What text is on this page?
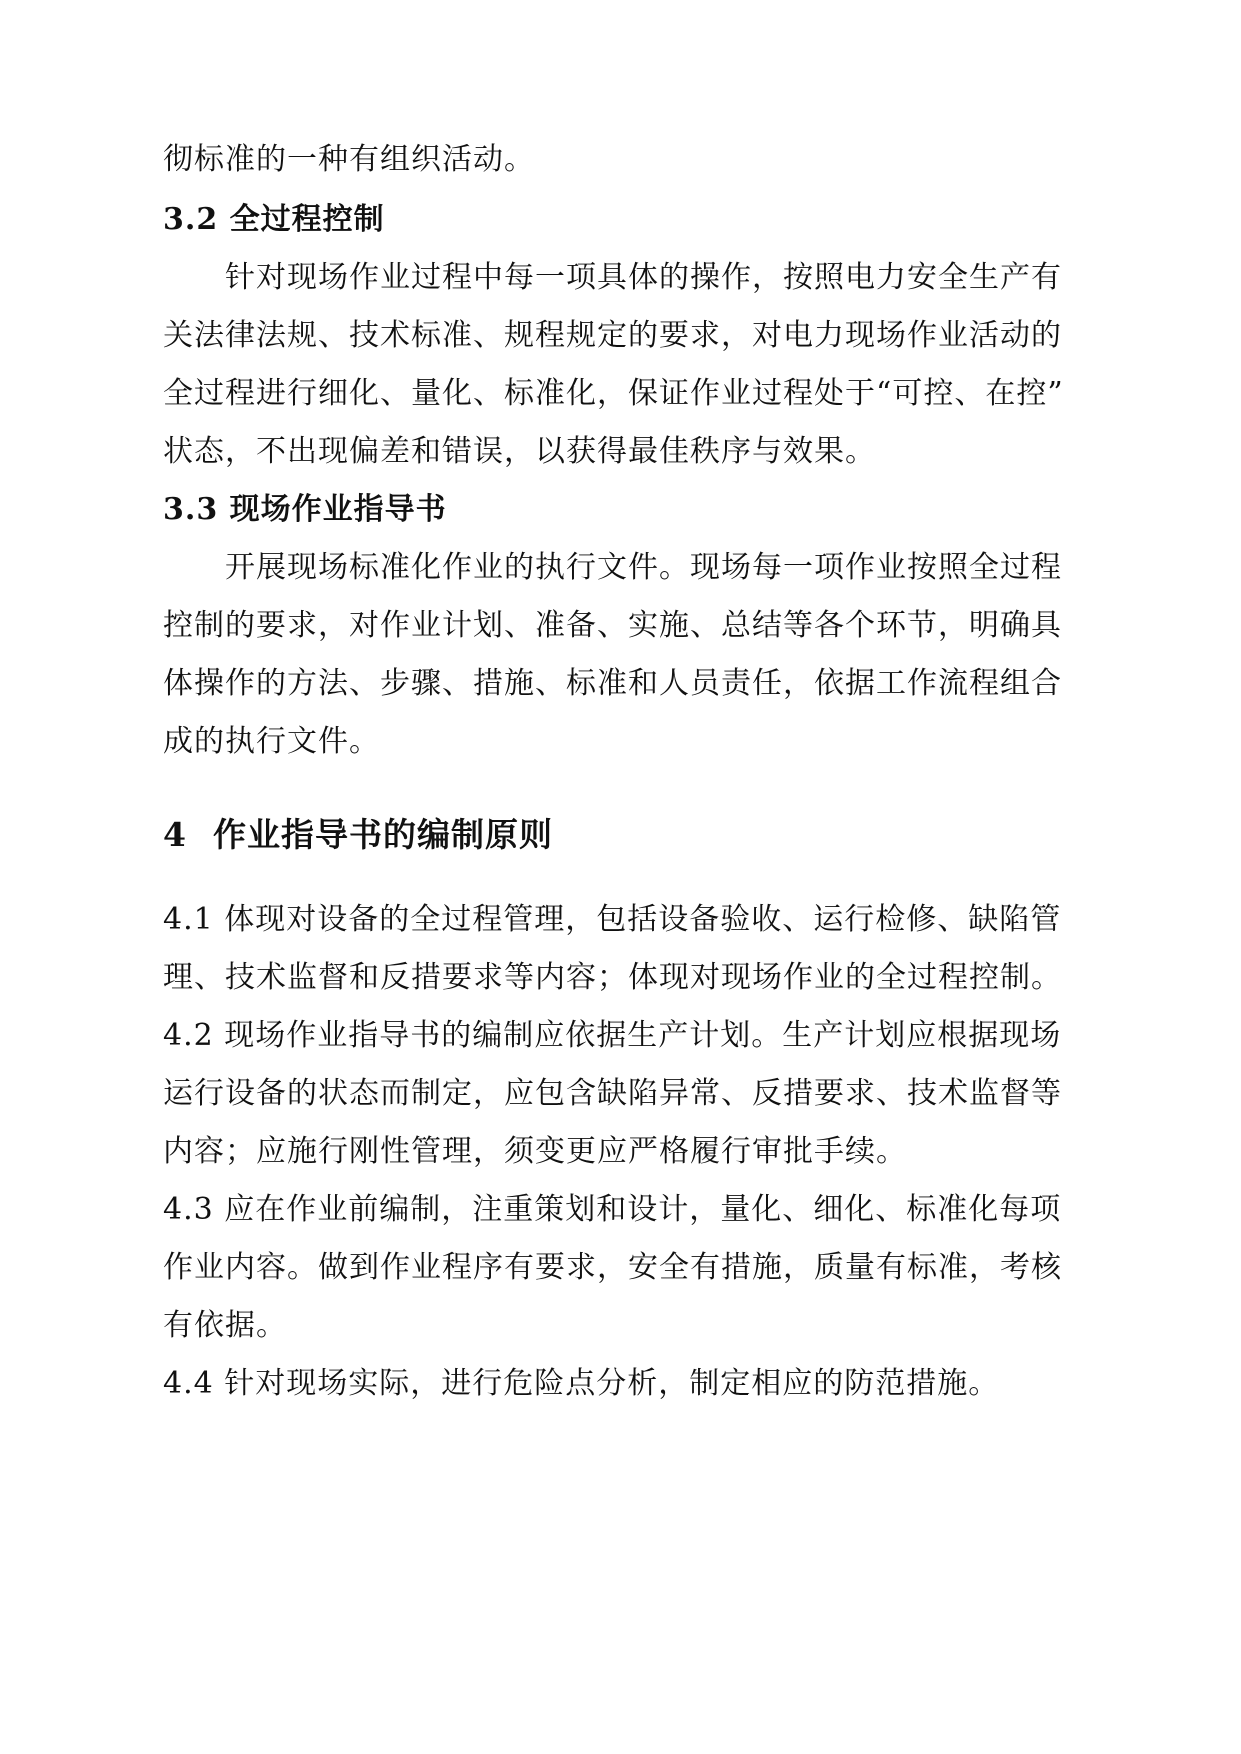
彻标准的一种有组织活动。
3.2 全过程控制
　　针对现场作业过程中每一项具体的操作，按照电力安全生产有
关法律法规、技术标准、规程规定的要求，对电力现场作业活动的
全过程进行细化、量化、标准化，保证作业过程处于“可控、在控”
状态，不出现偏差和错误，以获得最佳秩序与效果。
3.3 现场作业指导书
　　开展现场标准化作业的执行文件。现场每一项作业按照全过程
控制的要求，对作业计划、准备、实施、总结等各个环节，明确具
体操作的方法、步骤、措施、标准和人员责任，依据工作流程组合
成的执行文件。
4 作业指导书的编制原则
4.1 体现对设备的全过程管理，包括设备验收、运行检修、缺陷管
理、技术监督和反措要求等内容；体现对现场作业的全过程控制。
4.2 现场作业指导书的编制应依据生产计划。生产计划应根据现场
运行设备的状态而制定，应包含缺陷异常、反措要求、技术监督等
内容；应施行刚性管理，须变更应严格履行审批手续。
4.3 应在作业前编制，注重策划和设计，量化、细化、标准化每项
作业内容。做到作业程序有要求，安全有措施，质量有标准，考核
有依据。
4.4 针对现场实际，进行危险点分析，制定相应的防范措施。
